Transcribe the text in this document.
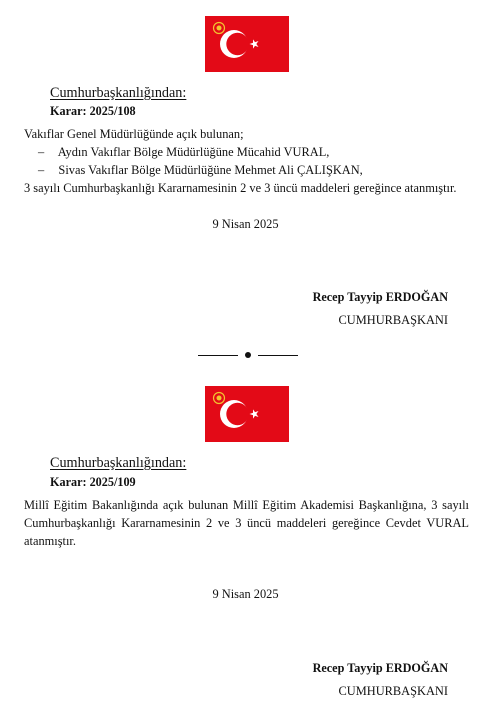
Cumhurbaşkanlığından:
Karar: 2025/108
Vakıflar Genel Müdürlüğünde açık bulunan;
– Aydın Vakıflar Bölge Müdürlüğüne Mücahid VURAL,
– Sivas Vakıflar Bölge Müdürlüğüne Mehmet Ali ÇALIŞKAN,
3 sayılı Cumhurbaşkanlığı Kararnamesinin 2 ve 3 üncü maddeleri gereğince atanmıştır.
9 Nisan 2025
Recep Tayyip ERDOĞAN
CUMHURBAŞKANI
Cumhurbaşkanlığından:
Karar: 2025/109
Millî Eğitim Bakanlığında açık bulunan Millî Eğitim Akademisi Başkanlığına, 3 sayılı Cumhurbaşkanlığı Kararnamesinin 2 ve 3 üncü maddeleri gereğince Cevdet VURAL atanmıştır.
9 Nisan 2025
Recep Tayyip ERDOĞAN
CUMHURBAŞKANI
